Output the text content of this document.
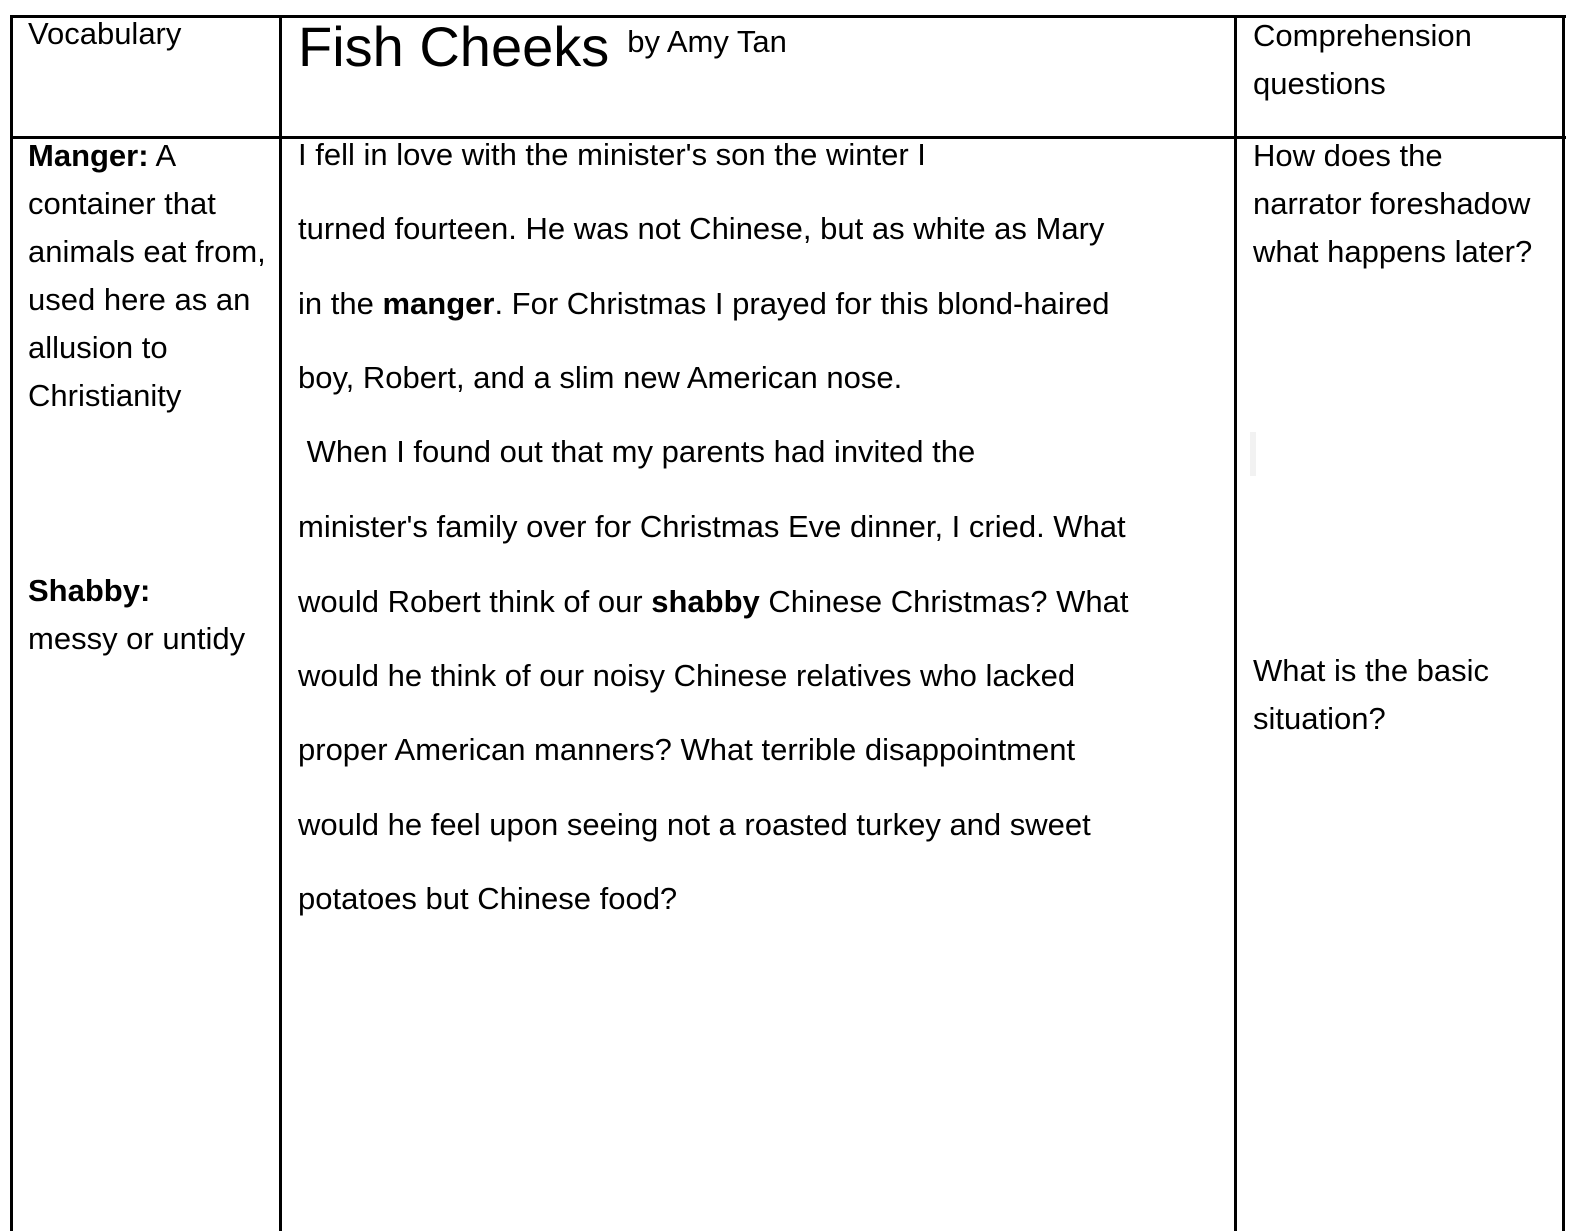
Vocabulary Fish Cheeks by Amy Tan	Comprehension questions
Manger: A container that animals eat from, used here as an allusion to Christianity
Shabby:
messy or untidy
I fell in love with the minister's son the winter I
turned fourteen. He was not Chinese, but as white as Mary
in the manger. For Christmas I prayed for this blond-haired
boy, Robert, and a slim new American nose.
When I found out that my parents had invited the
minister's family over for Christmas Eve dinner, I cried. What
would Robert think of our shabby Chinese Christmas? What
would he think of our noisy Chinese relatives who lacked
proper American manners? What terrible disappointment
would he feel upon seeing not a roasted turkey and sweet
potatoes but Chinese food?
How does the narrator foreshadow what happens later?
What is the basic situation?
